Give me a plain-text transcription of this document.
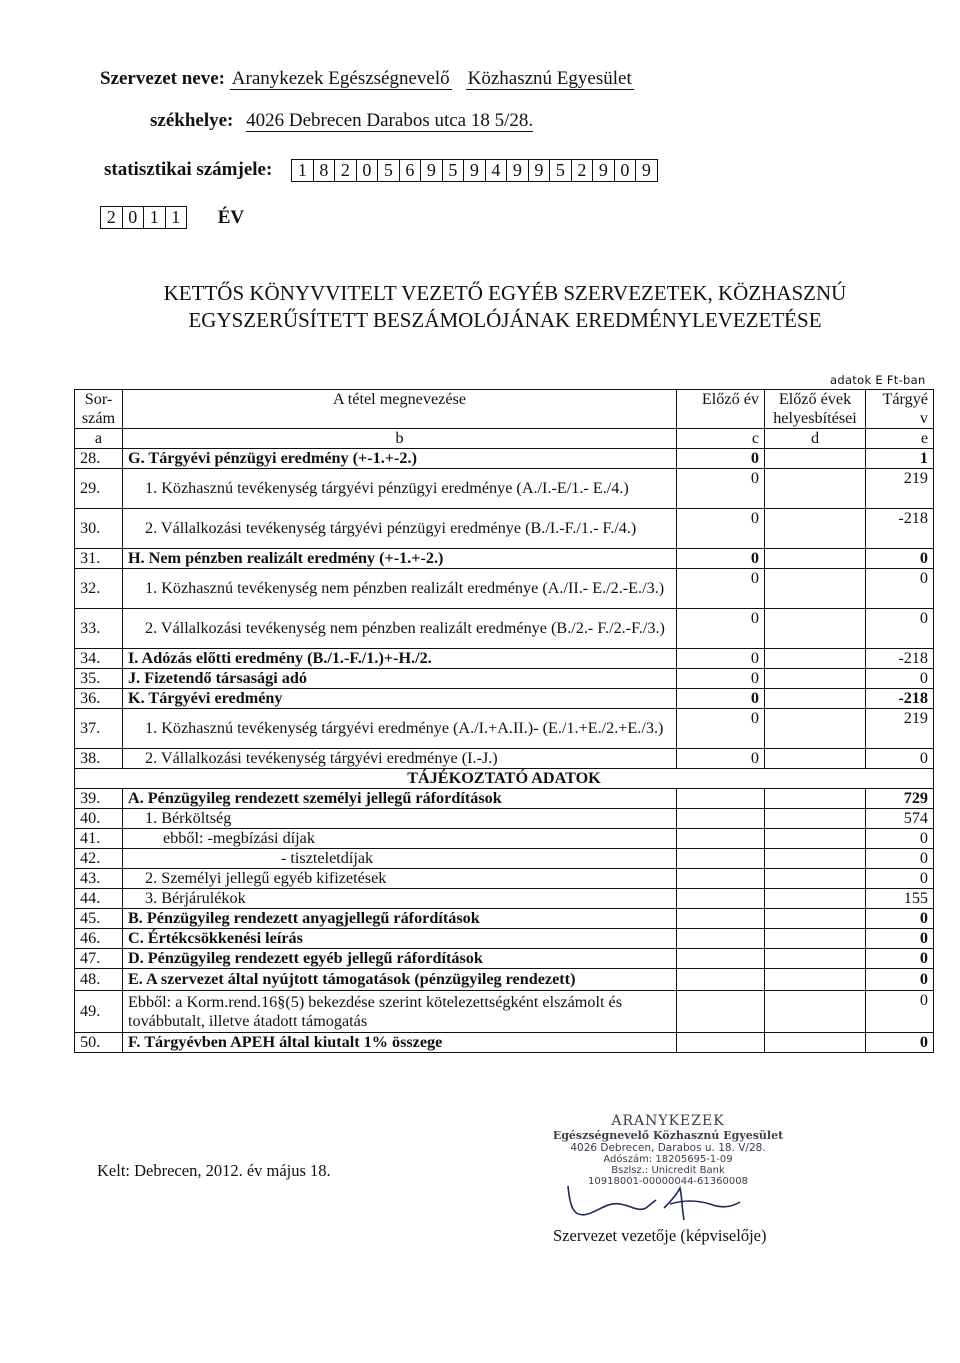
Szervezet neve: Aranykezek Egészségnevelő Közhasznú Egyesület
székhelye: 4026 Debrecen Darabos utca 18 5/28.
statisztikai számjele:	1 8 2 0 5 6 9 5 9 4 9 9 5 2 9 0 9
2 0 1 1	ÉV
KETTŐS KÖNYVVITELT VEZETŐ EGYÉB SZERVEZETEK, KÖZHASZNÚ
EGYSZERŰSÍTETT BESZÁMOLÓJÁNAK EREDMÉNYLEVEZETÉSE
adatok E Ft-ban
Sor-
szám	A tétel megnevezése	Előző év	Előző évek
helyesbítései	Tárgyé
v
a	b	c	d	e
28.	G. Tárgyévi pénzügyi eredmény (+-1.+-2.)	0		1
29.	1. Közhasznú tevékenység tárgyévi pénzügyi eredménye (A./I.-E/1.- E./4.)	0		219
30.	2. Vállalkozási tevékenység tárgyévi pénzügyi eredménye (B./I.-F./1.- F./4.)	0		-218
31.	H. Nem pénzben realizált eredmény (+-1.+-2.)	0		0
32.	1. Közhasznú tevékenység nem pénzben realizált eredménye (A./II.- E./2.-E./3.)	0		0
33.	2. Vállalkozási tevékenység nem pénzben realizált eredménye (B./2.- F./2.-F./3.)	0		0
34.	I. Adózás előtti eredmény (B./1.-F./1.)+-H./2.	0		-218
35.	J. Fizetendő társasági adó	0		0
36.	K. Tárgyévi eredmény	0		-218
37.	1. Közhasznú tevékenység tárgyévi eredménye (A./I.+A.II.)- (E./1.+E./2.+E./3.)	0		219
38.	2. Vállalkozási tevékenység tárgyévi eredménye (I.-J.)	0		0
TÁJÉKOZTATÓ ADATOK				
39.	A. Pénzügyileg rendezett személyi jellegű ráfordítások			729
40.	1. Bérköltség			574
41.	ebből: -megbízási díjak			0
42.	- tiszteletdíjak			0
43.	2. Személyi jellegű egyéb kifizetések			0
44.	3. Bérjárulékok			155
45.	B. Pénzügyileg rendezett anyagjellegű ráfordítások			0
46.	C. Értékcsökkenési leírás			0
47.	D. Pénzügyileg rendezett egyéb jellegű ráfordítások			0
48.	E. A szervezet által nyújtott támogatások (pénzügyileg rendezett)			0
49.	Ebből: a Korm.rend.16§(5) bekezdése szerint kötelezettségként elszámolt és továbbutalt, illetve átadott támogatás			0
50.	F. Tárgyévben APEH által kiutalt 1% összege			0
Kelt: Debrecen, 2012. év május 18.
ARANYKEZEK
Egészségnevelő Közhasznú Egyesület
4026 Debrecen, Darabos u. 18. V/28.
Adószám: 18205695-1-09
Bszlsz.: Unicredit Bank
10918001-00000044-61360008
Szervezet vezetője (képviselője)
